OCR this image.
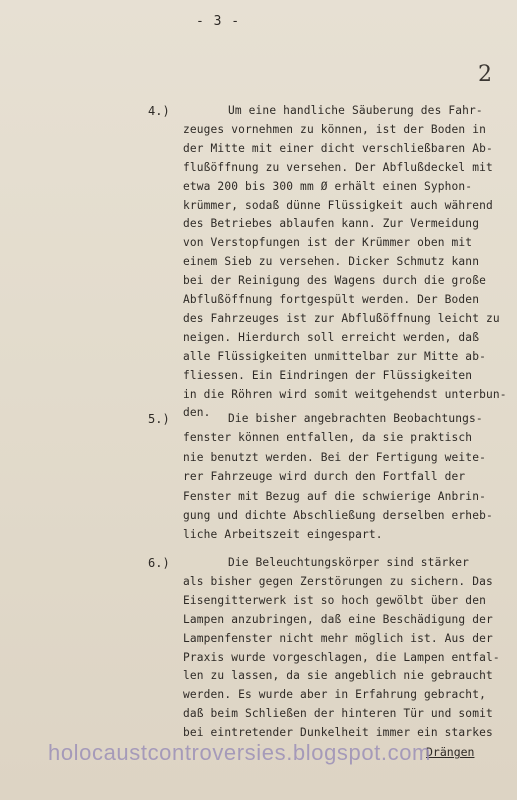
- 3 -
2
4.)	Um eine handliche Säuberung des Fahr-
zeuges vornehmen zu können, ist der Boden in
der Mitte mit einer dicht verschließbaren Ab-
flußöffnung zu versehen. Der Abflußdeckel mit
etwa 200 bis 300 mm Ø erhält einen Syphon-
krümmer, sodaß dünne Flüssigkeit auch während
des Betriebes ablaufen kann. Zur Vermeidung
von Verstopfungen ist der Krümmer oben mit
einem Sieb zu versehen. Dicker Schmutz kann
bei der Reinigung des Wagens durch die große
Abflußöffnung fortgespült werden. Der Boden
des Fahrzeuges ist zur Abflußöffnung leicht zu
neigen. Hierdurch soll erreicht werden, daß
alle Flüssigkeiten unmittelbar zur Mitte ab-
fliessen. Ein Eindringen der Flüssigkeiten
in die Röhren wird somit weitgehendst unterbun-
den.
5.)	Die bisher angebrachten Beobachtungs-
fenster können entfallen, da sie praktisch
nie benutzt werden. Bei der Fertigung weite-
rer Fahrzeuge wird durch den Fortfall der
Fenster mit Bezug auf die schwierige Anbrin-
gung und dichte Abschließung derselben erheb-
liche Arbeitszeit eingespart.
6.)	Die Beleuchtungskörper sind stärker
als bisher gegen Zerstörungen zu sichern. Das
Eisengitterwerk ist so hoch gewölbt über den
Lampen anzubringen, daß eine Beschädigung der
Lampenfenster nicht mehr möglich ist. Aus der
Praxis wurde vorgeschlagen, die Lampen entfal-
len zu lassen, da sie angeblich nie gebraucht
werden. Es wurde aber in Erfahrung gebracht,
daß beim Schließen der hinteren Tür und somit
bei eintretender Dunkelheit immer ein starkes
Drängen
holocaustcontroversies.blogspot.com
